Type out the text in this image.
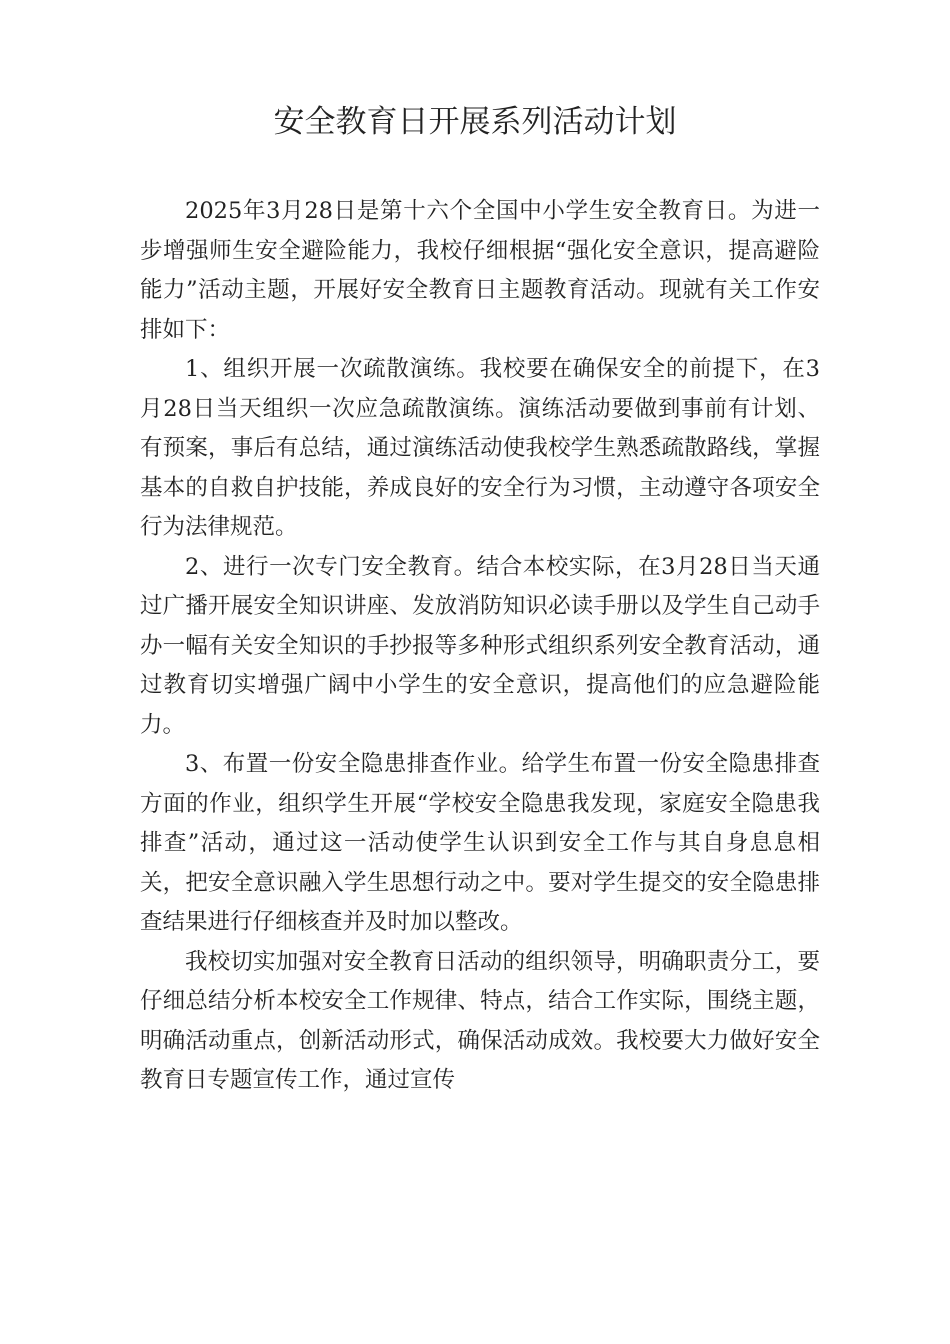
安全教育日开展系列活动计划

2025年3月28日是第十六个全国中小学生安全教育日。为进一步增强师生安全避险能力，我校仔细根据“强化安全意识，提高避险能力”活动主题，开展好安全教育日主题教育活动。现就有关工作安排如下：

1、组织开展一次疏散演练。我校要在确保安全的前提下，在3月28日当天组织一次应急疏散演练。演练活动要做到事前有计划、有预案，事后有总结，通过演练活动使我校学生熟悉疏散路线，掌握基本的自救自护技能，养成良好的安全行为习惯，主动遵守各项安全行为法律规范。

2、进行一次专门安全教育。结合本校实际，在3月28日当天通过广播开展安全知识讲座、发放消防知识必读手册以及学生自己动手办一幅有关安全知识的手抄报等多种形式组织系列安全教育活动，通过教育切实增强广阔中小学生的安全意识，提高他们的应急避险能力。

3、布置一份安全隐患排查作业。给学生布置一份安全隐患排查方面的作业，组织学生开展“学校安全隐患我发现，家庭安全隐患我排查”活动，通过这一活动使学生认识到安全工作与其自身息息相关，把安全意识融入学生思想行动之中。要对学生提交的安全隐患排查结果进行仔细核查并及时加以整改。

我校切实加强对安全教育日活动的组织领导，明确职责分工，要仔细总结分析本校安全工作规律、特点，结合工作实际，围绕主题，明确活动重点，创新活动形式，确保活动成效。我校要大力做好安全教育日专题宣传工作，通过宣传
